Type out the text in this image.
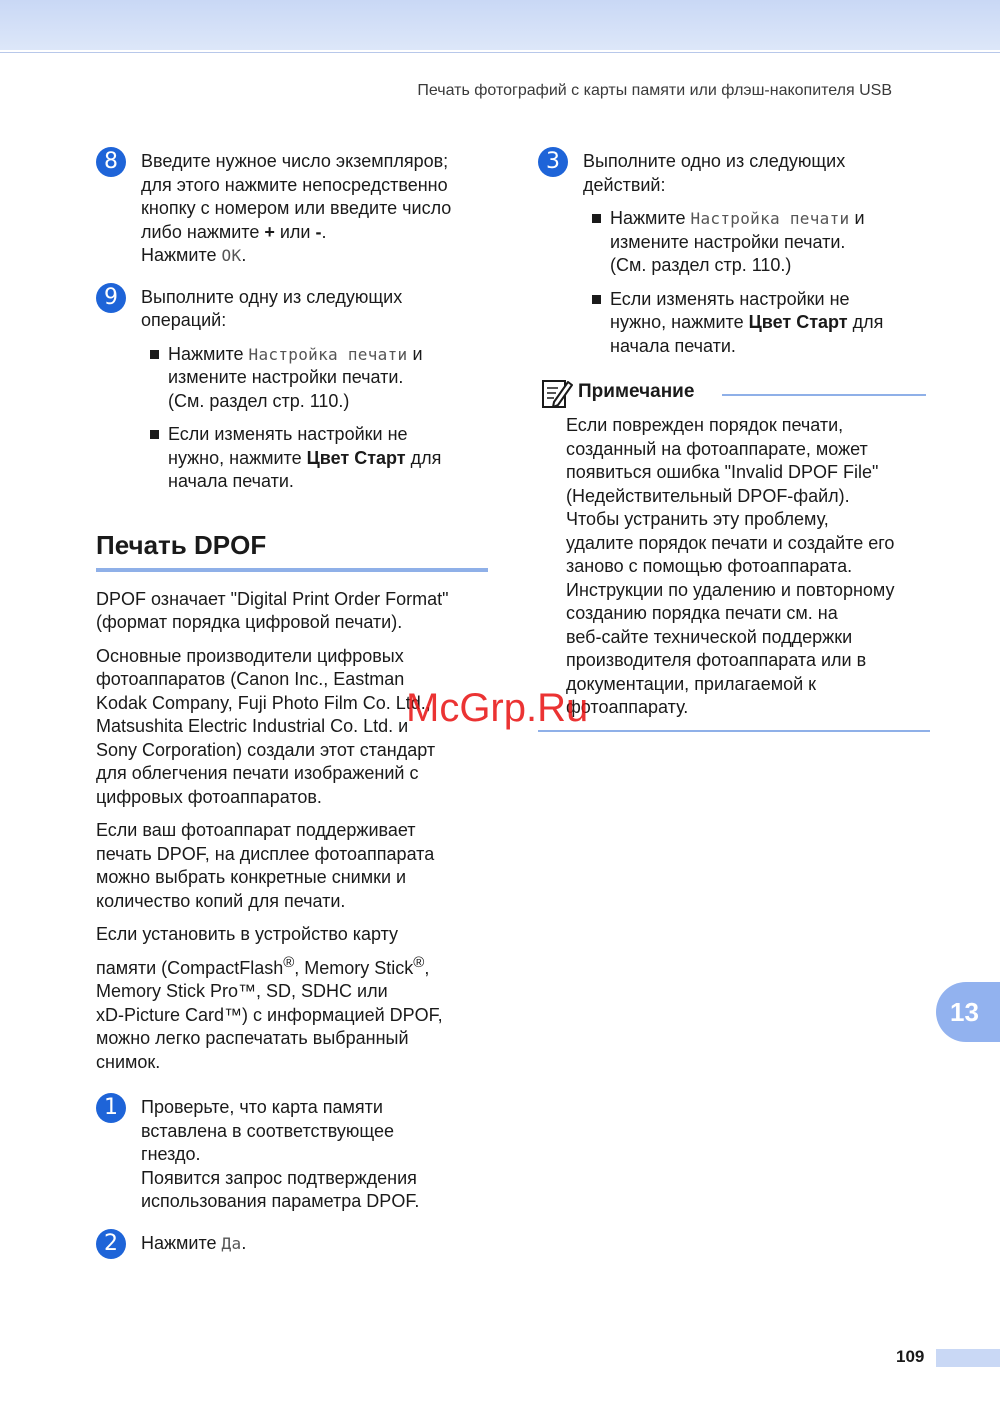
Печать фотографий с карты памяти или флэш-накопителя USB
8	Введите нужное число экземпляров;
для этого нажмите непосредственно
кнопку с номером или введите число
либо нажмите + или -.
Нажмите OK.
9	Выполните одну из следующих
операций:
Нажмите Настройка печати и
измените настройки печати.
(См. раздел стр. 110.)
Если изменять настройки не
нужно, нажмите Цвет Старт для
начала печати.
Печать DPOF
DPOF означает "Digital Print Order Format"
(формат порядка цифровой печати).
Основные производители цифровых
фотоаппаратов (Canon Inc., Eastman
Kodak Company, Fuji Photo Film Co. Ltd.,
Matsushita Electric Industrial Co. Ltd. и
Sony Corporation) создали этот стандарт
для облегчения печати изображений с
цифровых фотоаппаратов.
Если ваш фотоаппарат поддерживает
печать DPOF, на дисплее фотоаппарата
можно выбрать конкретные снимки и
количество копий для печати.
Если установить в устройство карту
памяти (CompactFlash®, Memory Stick®,
Memory Stick Pro™, SD, SDHC или
xD-Picture Card™) с информацией DPOF,
можно легко распечатать выбранный
снимок.
1	Проверьте, что карта памяти
вставлена в соответствующее
гнездо.
Появится запрос подтверждения
использования параметра DPOF.
2	Нажмите Да.
3	Выполните одно из следующих
действий:
Нажмите Настройка печати и
измените настройки печати.
(См. раздел стр. 110.)
Если изменять настройки не
нужно, нажмите Цвет Старт для
начала печати.
Примечание
Если поврежден порядок печати,
созданный на фотоаппарате, может
появиться ошибка "Invalid DPOF File"
(Недействительный DPOF-файл).
Чтобы устранить эту проблему,
удалите порядок печати и создайте его
заново с помощью фотоаппарата.
Инструкции по удалению и повторному
созданию порядка печати см. на
веб-сайте технической поддержки
производителя фотоаппарата или в
документации, прилагаемой к
фотоаппарату.
McGrp.Ru
13
109
